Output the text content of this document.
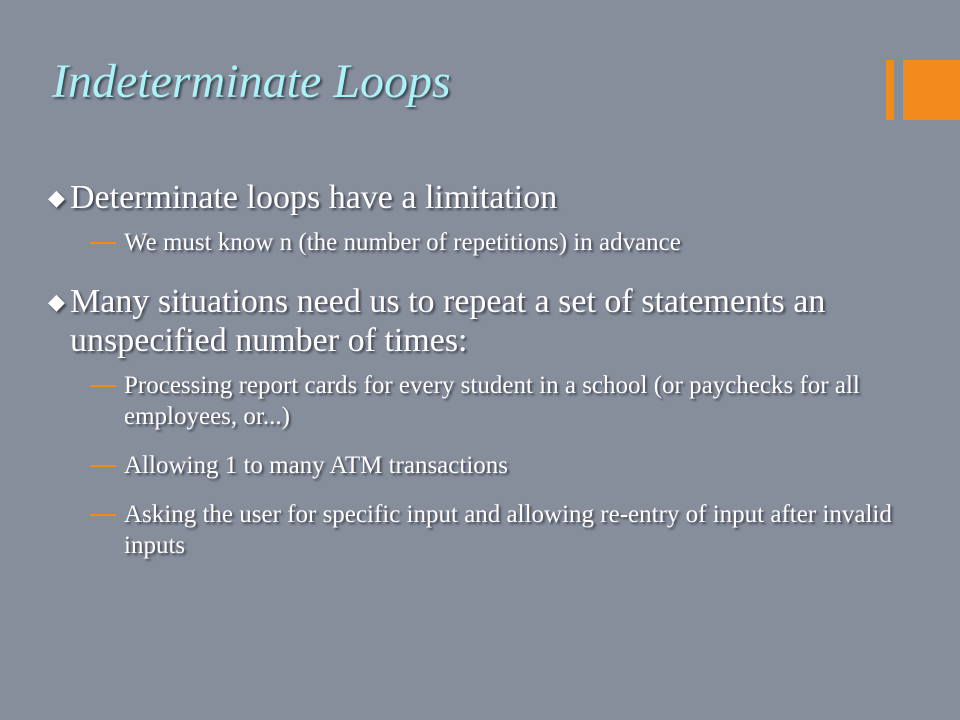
Indeterminate Loops
◆ Determinate loops have a limitation
We must know n (the number of repetitions) in advance
◆ Many situations need us to repeat a set of statements an unspecified number of times:
Processing report cards for every student in a school (or paychecks for all employees, or...)
Allowing 1 to many ATM transactions
Asking the user for specific input and allowing re-entry of input after invalid inputs
